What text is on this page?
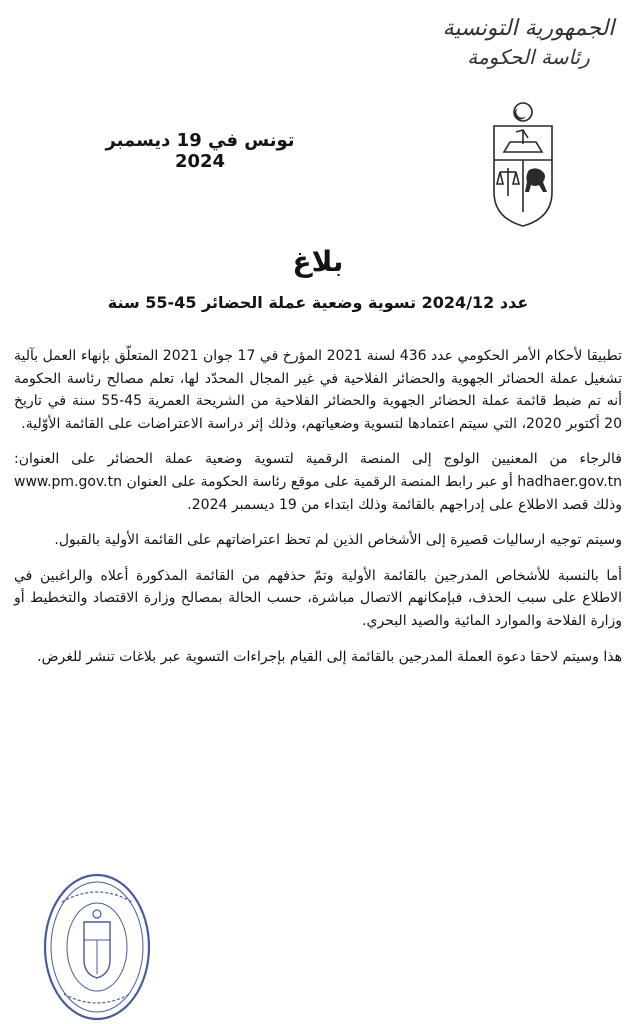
الجمهورية التونسية
رئاسة الحكومة
تونس في 19 ديسمبر 2024
بلاغ
عدد 2024/12 تسوية وضعية عملة الحضائر 45-55 سنة

تطبيقا لأحكام الأمر الحكومي عدد 436 لسنة 2021 المؤرخ في 17 جوان 2021 المتعلّق بإنهاء العمل بآلية تشغيل عملة الحضائر الجهوية والحضائر الفلاحية في غير المجال المحدّد لها، تعلم مصالح رئاسة الحكومة أنه تم ضبط قائمة عملة الحضائر الجهوية والحضائر الفلاحية من الشريحة العمرية 45-55 سنة في تاريخ 20 أكتوبر 2020، التي سيتم اعتمادها لتسوية وضعياتهم، وذلك إثر دراسة الاعتراضات على القائمة الأوّلية.

فالرجاء من المعنيين الولوج إلى المنصة الرقمية لتسوية وضعية عملة الحضائر على العنوان: hadhaer.gov.tn أو عبر رابط المنصة الرقمية على موقع رئاسة الحكومة على العنوان www.pm.gov.tn وذلك قصد الاطلاع على إدراجهم بالقائمة وذلك ابتداء من 19 ديسمبر 2024.

وسيتم توجيه ارساليات قصيرة إلى الأشخاص الذين لم تحظ اعتراضاتهم على القائمة الأولية بالقبول.

أما بالنسبة للأشخاص المدرجين بالقائمة الأولية وتمّ حذفهم من القائمة المذكورة أعلاه والراغبين في الاطلاع على سبب الحذف، فبإمكانهم الاتصال مباشرة، حسب الحالة بمصالح وزارة الاقتصاد والتخطيط أو وزارة الفلاحة والموارد المائية والصيد البحري.

هذا وسيتم لاحقا دعوة العملة المدرجين بالقائمة إلى القيام بإجراءات التسوية عبر بلاغات تنشر للغرض.
